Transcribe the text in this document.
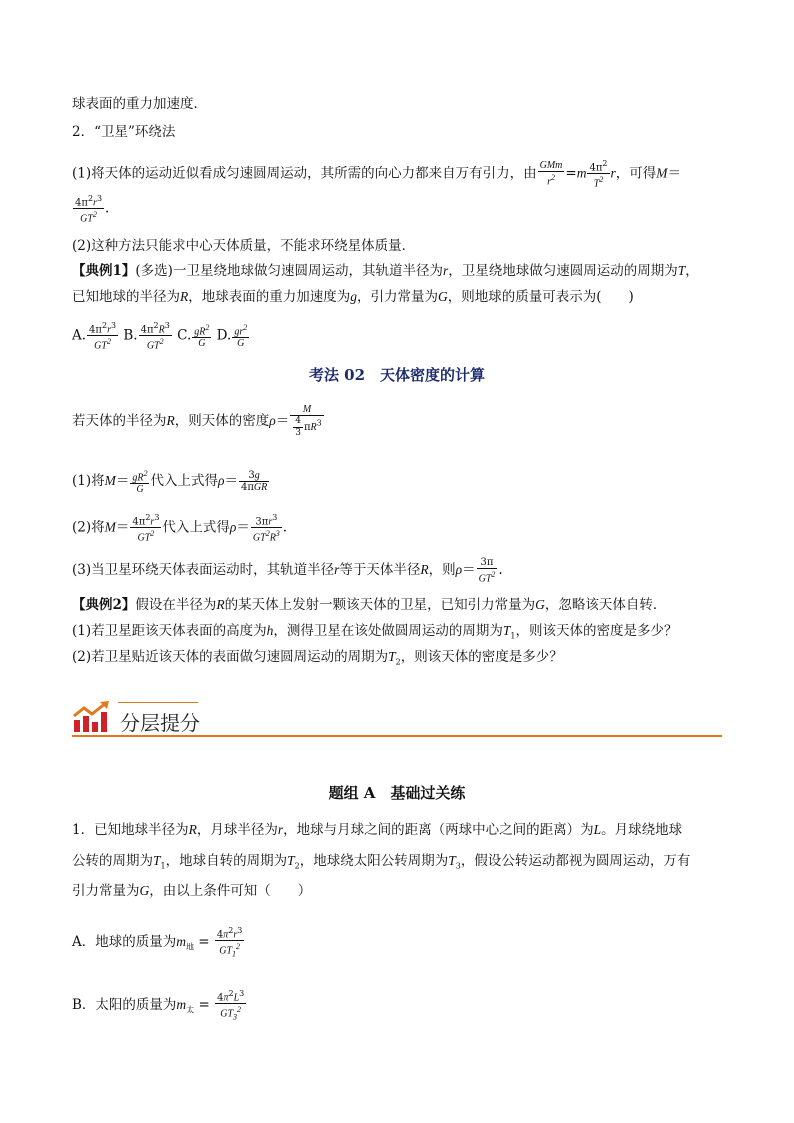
球表面的重力加速度．
2．“卫星”环绕法
(1)将天体的运动近似看成匀速圆周运动，其所需的向心力都来自万有引力，由 $\frac{\text{GMm}}{r^2} =m \frac{4\pi^2}{T^2}$ r，可得M＝
$\frac{4\pi^2r^3}{GT^2}$ .
(2)这种方法只能求中心天体质量，不能求环绕星体质量．
【典例1】(多选)一卫星绕地球做匀速圆周运动，其轨道半径为r，卫星绕地球做匀速圆周运动的周期为T，
已知地球的半径为R，地球表面的重力加速度为g，引力常量为G，则地球的质量可表示为(　　)
A. $\frac{4\pi^2r^3}{GT^2} B$. $\frac{4\pi^2R^3}{GT^2} C$. $\frac{gR^2}{G} D$. $\frac{gr^2}{G}$
考法 02　天体密度的计算
若天体的半径为R，则天体的密度$\rho= \frac{M}{\frac{4}{3} \pi R^3}$
(1)将$M= \frac{gR^2}{G}$ 代入上式得$\rho= \frac{3g}{\text{4πGR}}$
(2)将$M= \frac{4\pi^2r^3}{GT^2}$ 代入上式得$\rho= \frac{3\pi r^3}{GT^2R^3}$ .
(3)当卫星环绕天体表面运动时，其轨道半径r等于天体半径R，则$\rho= \frac{3\pi}{GT^2}$ .
【典例2】假设在半径为R的某天体上发射一颗该天体的卫星，已知引力常量为G，忽略该天体自转．
(1)若卫星距该天体表面的高度为h，测得卫星在该处做圆周运动的周期为$T_1$，则该天体的密度是多少？
(2)若卫星贴近该天体的表面做匀速圆周运动的周期为$T_2$，则该天体的密度是多少？
分层提分
题组 A　基础过关练
1．已知地球半径为R，月球半径为r，地球与月球之间的距离（两球中心之间的距离）为L。月球绕地球
公转的周期为$T_1$，地球自转的周期为$T_2$，地球绕太阳公转周期为$T_3$，假设公转运动都视为圆周运动，万有
引力常量为G，由以上条件可知（　　）
A．地球的质量为$m_地 = \frac{4\pi^2r^3}{GT_1^2}$
B．太阳的质量为$m_太 = \frac{4\pi^2L^3}{GT_3^2}$
